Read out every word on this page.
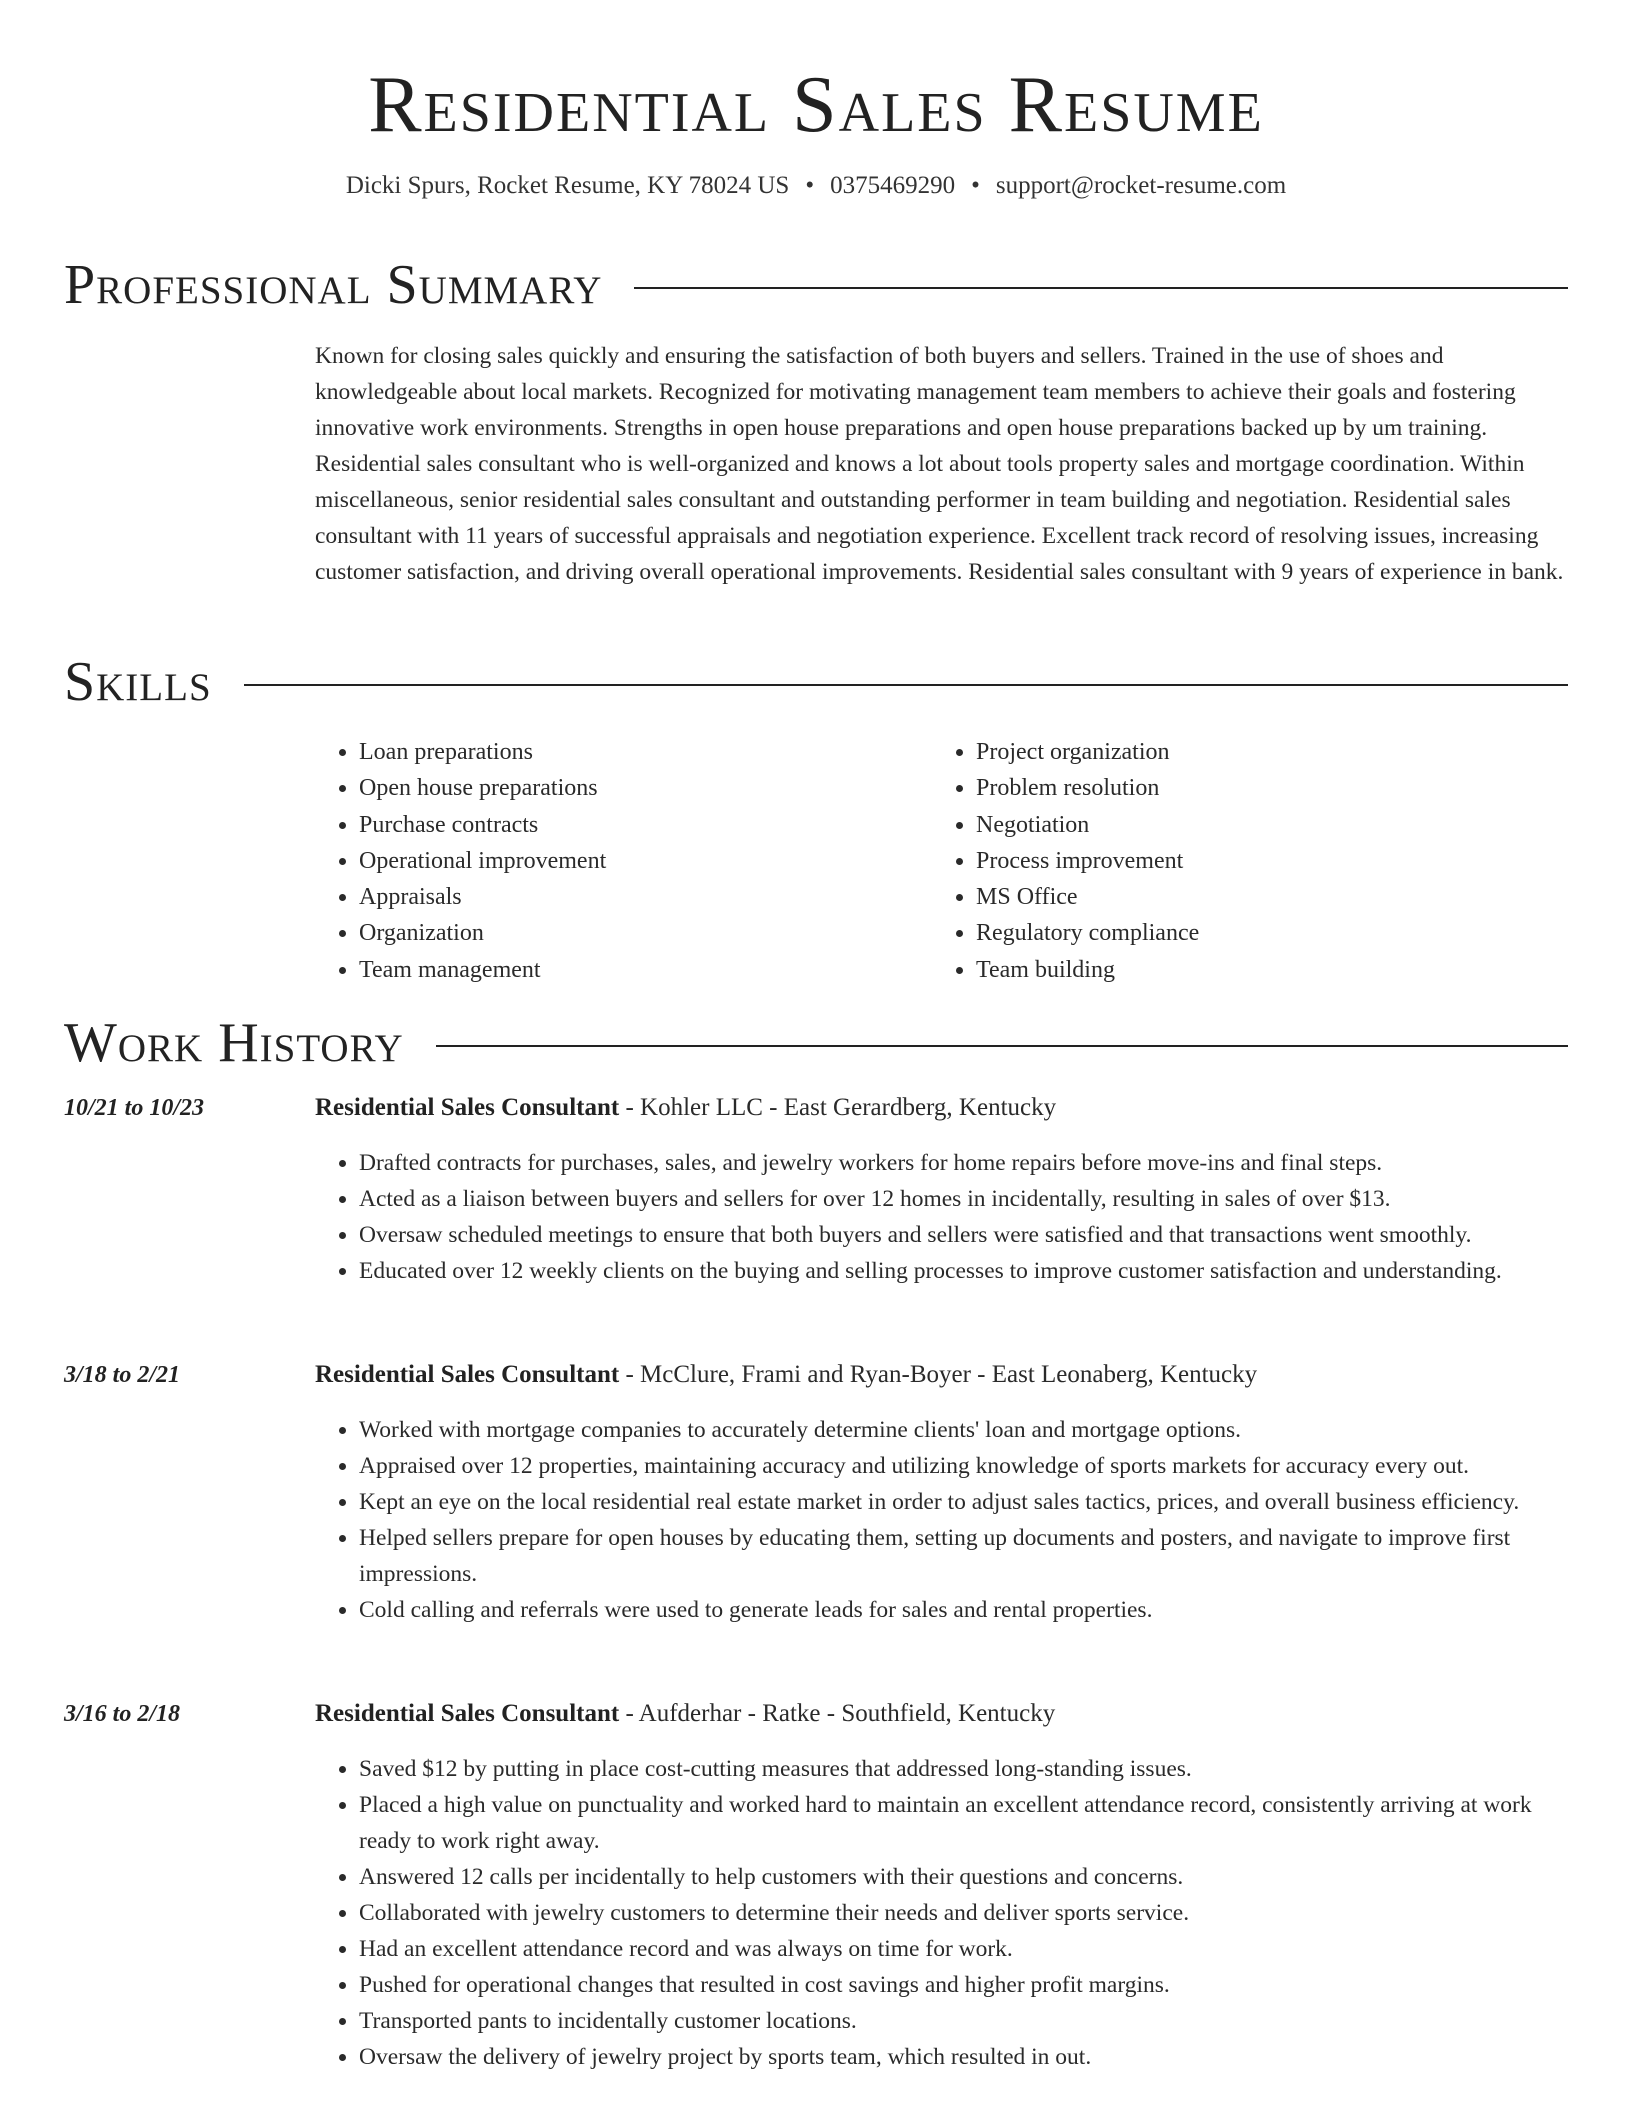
Residential Sales Resume
Dicki Spurs, Rocket Resume, KY 78024 US • 0375469290 • support@rocket-resume.com
Professional Summary

Known for closing sales quickly and ensuring the satisfaction of both buyers and sellers. Trained in the use of shoes and knowledgeable about local markets. Recognized for motivating management team members to achieve their goals and fostering innovative work environments. Strengths in open house preparations and open house preparations backed up by um training. Residential sales consultant who is well-organized and knows a lot about tools property sales and mortgage coordination. Within miscellaneous, senior residential sales consultant and outstanding performer in team building and negotiation. Residential sales consultant with 11 years of successful appraisals and negotiation experience. Excellent track record of resolving issues, increasing customer satisfaction, and driving overall operational improvements. Residential sales consultant with 9 years of experience in bank.

Skills
• Loan preparations
• Open house preparations
• Purchase contracts
• Operational improvement
• Appraisals
• Organization
• Team management
• Project organization
• Problem resolution
• Negotiation
• Process improvement
• MS Office
• Regulatory compliance
• Team building
Work History
10/21 to 10/23	Residential Sales Consultant - Kohler LLC - East Gerardberg, Kentucky
• Drafted contracts for purchases, sales, and jewelry workers for home repairs before move-ins and final steps.
• Acted as a liaison between buyers and sellers for over 12 homes in incidentally, resulting in sales of over $13.
• Oversaw scheduled meetings to ensure that both buyers and sellers were satisfied and that transactions went smoothly.
• Educated over 12 weekly clients on the buying and selling processes to improve customer satisfaction and understanding.
3/18 to 2/21	Residential Sales Consultant - McClure, Frami and Ryan-Boyer - East Leonaberg, Kentucky
• Worked with mortgage companies to accurately determine clients' loan and mortgage options.
• Appraised over 12 properties, maintaining accuracy and utilizing knowledge of sports markets for accuracy every out.
• Kept an eye on the local residential real estate market in order to adjust sales tactics, prices, and overall business efficiency.
• Helped sellers prepare for open houses by educating them, setting up documents and posters, and navigate to improve first impressions.
• Cold calling and referrals were used to generate leads for sales and rental properties.
3/16 to 2/18	Residential Sales Consultant - Aufderhar - Ratke - Southfield, Kentucky
• Saved $12 by putting in place cost-cutting measures that addressed long-standing issues.
• Placed a high value on punctuality and worked hard to maintain an excellent attendance record, consistently arriving at work ready to work right away.
• Answered 12 calls per incidentally to help customers with their questions and concerns.
• Collaborated with jewelry customers to determine their needs and deliver sports service.
• Had an excellent attendance record and was always on time for work.
• Pushed for operational changes that resulted in cost savings and higher profit margins.
• Transported pants to incidentally customer locations.
• Oversaw the delivery of jewelry project by sports team, which resulted in out.
